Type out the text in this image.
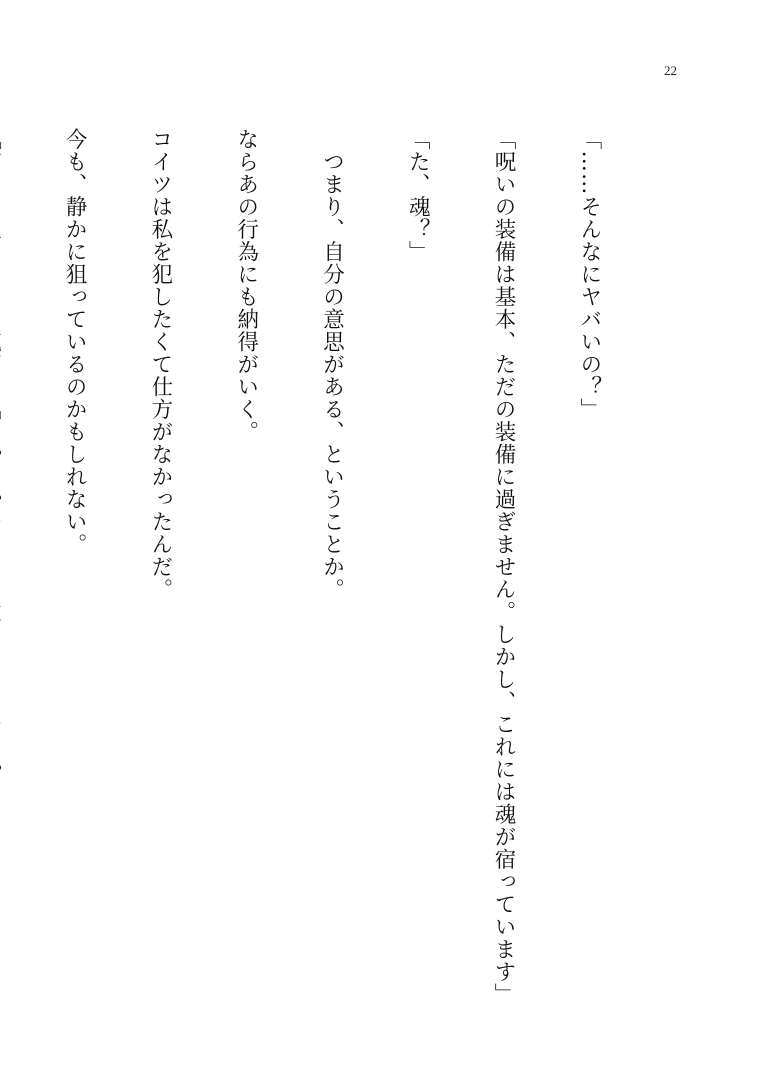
22

「……そんなにヤバいの？」

「呪いの装備は基本、ただの装備に過ぎません。しかし、これには魂が宿っています」

「た、魂？」

　つまり、自分の意思がある、ということか。

ならあの行為にも納得がいく。

コイツは私を犯したくて仕方がなかったんだ。

今も、静かに狙っているのかもしれない。
